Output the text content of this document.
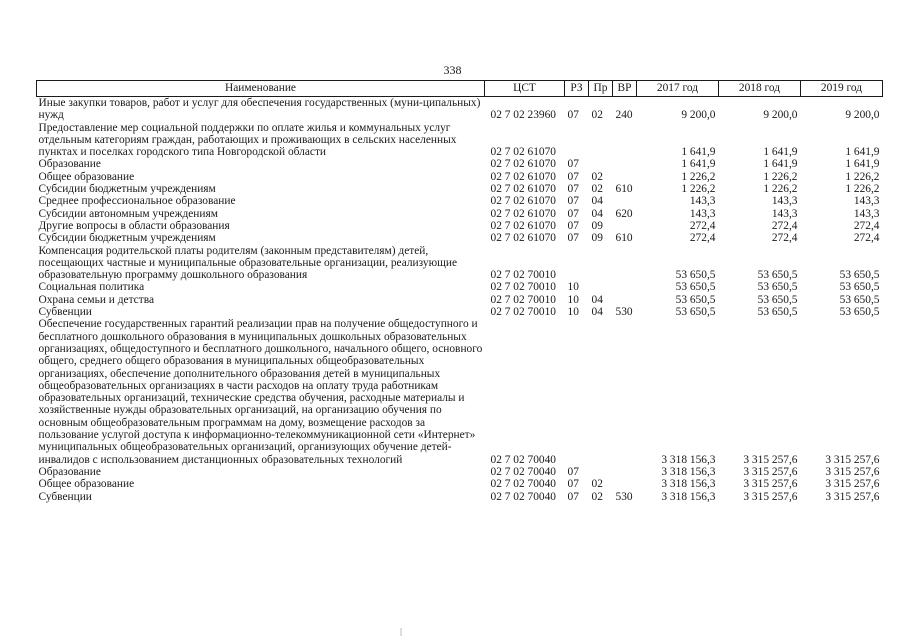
338
Наименование	ЦСТ	РЗ	Пр	ВР	2017 год	2018 год	2019 год
Иные закупки товаров, работ и услуг для обеспечения государственных (муни-ципальных) нужд	02 7 02 23960	07	02	240	9 200,0	9 200,0	9 200,0
Предоставление мер социальной поддержки по оплате жилья и коммунальных услуг отдельным категориям граждан, работающих и проживающих в сельских населенных пунктах и поселках городского типа Новгородской области	02 7 02 61070				1 641,9	1 641,9	1 641,9
Образование	02 7 02 61070	07			1 641,9	1 641,9	1 641,9
Общее образование	02 7 02 61070	07	02		1 226,2	1 226,2	1 226,2
Субсидии бюджетным учреждениям	02 7 02 61070	07	02	610	1 226,2	1 226,2	1 226,2
Среднее профессиональное образование	02 7 02 61070	07	04		143,3	143,3	143,3
Субсидии автономным учреждениям	02 7 02 61070	07	04	620	143,3	143,3	143,3
Другие вопросы в области образования	02 7 02 61070	07	09		272,4	272,4	272,4
Субсидии бюджетным учреждениям	02 7 02 61070	07	09	610	272,4	272,4	272,4
Компенсация родительской платы родителям (законным представителям) детей, посещающих частные и муниципальные образовательные организации, реализующие образовательную программу дошкольного образования	02 7 02 70010				53 650,5	53 650,5	53 650,5
Социальная политика	02 7 02 70010	10			53 650,5	53 650,5	53 650,5
Охрана семьи и детства	02 7 02 70010	10	04		53 650,5	53 650,5	53 650,5
Субвенции	02 7 02 70010	10	04	530	53 650,5	53 650,5	53 650,5
Обеспечение государственных гарантий реализации прав на получение общедоступного и бесплатного дошкольного образования в муниципальных дошкольных образовательных организациях, общедоступного и бесплатного дошкольного, начального общего, основного общего, среднего общего образования в муниципальных общеобразовательных организациях, обеспечение дополнительного образования детей в муниципальных общеобразовательных организациях в части расходов на оплату труда работникам образовательных организаций, технические средства обучения, расходные материалы и хозяйственные нужды образовательных организаций, на организацию обучения по основным общеобразовательным программам на дому, возмещение расходов за пользование услугой доступа к информационно-телекоммуникационной сети «Интернет» муниципальных общеобразовательных организаций, организующих обучение детей-инвалидов с использованием дистанционных образовательных технологий	02 7 02 70040				3 318 156,3	3 315 257,6	3 315 257,6
Образование	02 7 02 70040	07			3 318 156,3	3 315 257,6	3 315 257,6
Общее образование	02 7 02 70040	07	02		3 318 156,3	3 315 257,6	3 315 257,6
Субвенции	02 7 02 70040	07	02	530	3 318 156,3	3 315 257,6	3 315 257,6
